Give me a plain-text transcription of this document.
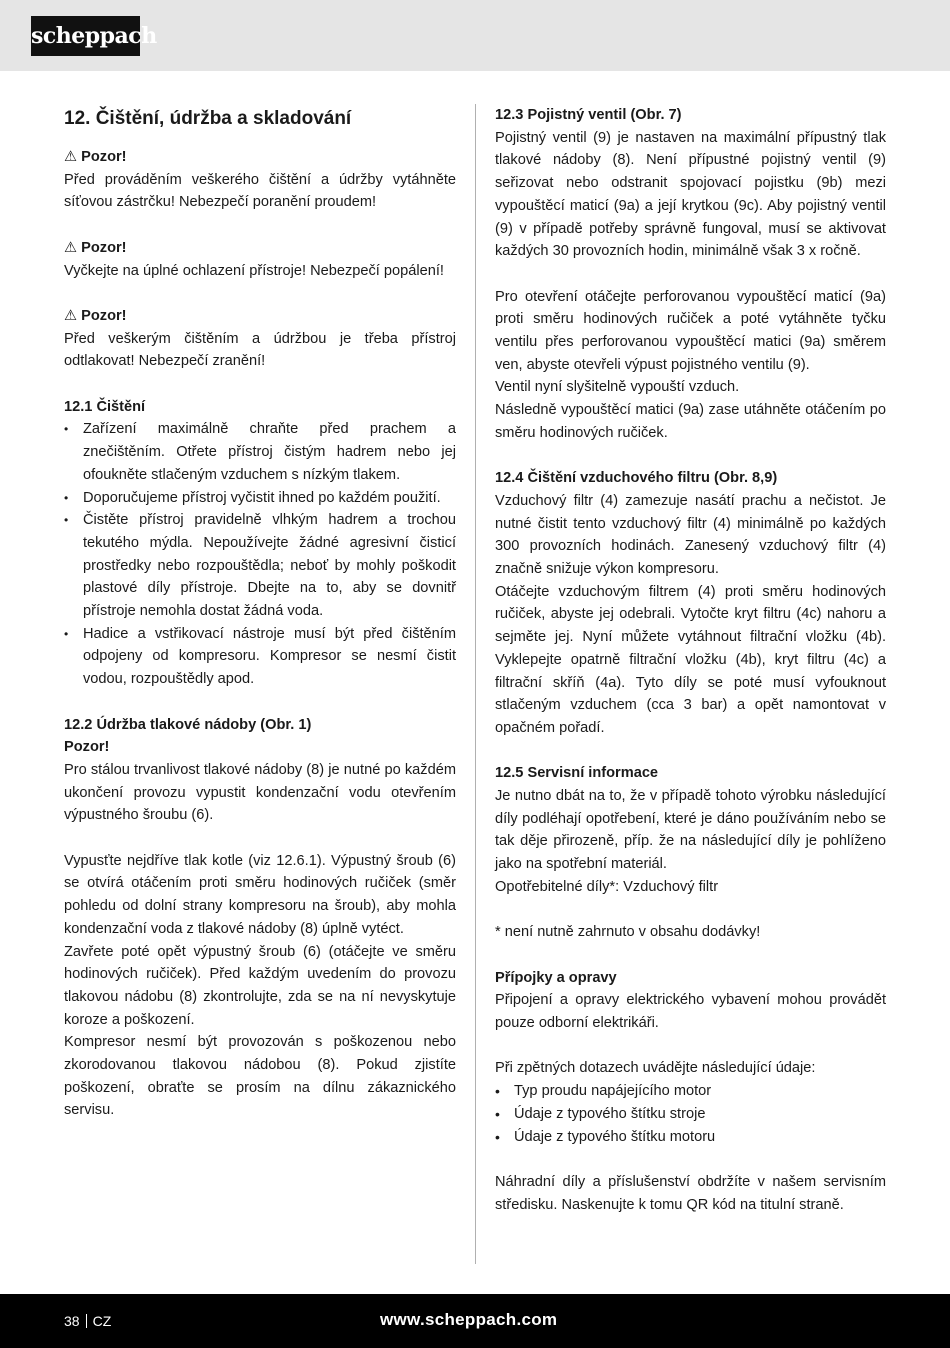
scheppach

12. Čištění, údržba a skladování

⚠ Pozor!

Před prováděním veškerého čištění a údržby vytáhněte síťovou zástrčku! Nebezpečí poranění proudem!

⚠ Pozor!

Vyčkejte na úplné ochlazení přístroje! Nebezpečí popálení!

⚠ Pozor!

Před veškerým čištěním a údržbou je třeba přístroj odtlakovat! Nebezpečí zranění!

12.1 Čištění

• Zařízení maximálně chraňte před prachem a znečištěním. Otřete přístroj čistým hadrem nebo jej ofoukněte stlačeným vzduchem s nízkým tlakem.
• Doporučujeme přístroj vyčistit ihned po každém použití.
• Čistěte přístroj pravidelně vlhkým hadrem a trochou tekutého mýdla. Nepoužívejte žádné agresivní čisticí prostředky nebo rozpouštědla; neboť by mohly poškodit plastové díly přístroje. Dbejte na to, aby se dovnitř přístroje nemohla dostat žádná voda.
• Hadice a vstřikovací nástroje musí být před čištěním odpojeny od kompresoru. Kompresor se nesmí čistit vodou, rozpouštědly apod.

12.2 Údržba tlakové nádoby (Obr. 1)

Pozor!

Pro stálou trvanlivost tlakové nádoby (8) je nutné po každém ukončení provozu vypustit kondenzační vodu otevřením výpustného šroubu (6).

Vypusťte nejdříve tlak kotle (viz 12.6.1). Výpustný šroub (6) se otvírá otáčením proti směru hodinových ručiček (směr pohledu od dolní strany kompresoru na šroub), aby mohla kondenzační voda z tlakové nádoby (8) úplně vytéct.

Zavřete poté opět výpustný šroub (6) (otáčejte ve směru hodinových ručiček). Před každým uvedením do provozu tlakovou nádobu (8) zkontrolujte, zda se na ní nevyskytuje koroze a poškození.

Kompresor nesmí být provozován s poškozenou nebo zkorodovanou tlakovou nádobou (8). Pokud zjistíte poškození, obraťte se prosím na dílnu zákaznického servisu.

12.3 Pojistný ventil (Obr. 7)

Pojistný ventil (9) je nastaven na maximální přípustný tlak tlakové nádoby (8). Není přípustné pojistný ventil (9) seřizovat nebo odstranit spojovací pojistku (9b) mezi vypouštěcí maticí (9a) a její krytkou (9c). Aby pojistný ventil (9) v případě potřeby správně fungoval, musí se aktivovat každých 30 provozních hodin, minimálně však 3 x ročně.

Pro otevření otáčejte perforovanou vypouštěcí maticí (9a) proti směru hodinových ručiček a poté vytáhněte tyčku ventilu přes perforovanou vypouštěcí matici (9a) směrem ven, abyste otevřeli výpust pojistného ventilu (9).

Ventil nyní slyšitelně vypouští vzduch.

Následně vypouštěcí matici (9a) zase utáhněte otáčením po směru hodinových ručiček.

12.4 Čištění vzduchového filtru (Obr. 8,9)

Vzduchový filtr (4) zamezuje nasátí prachu a nečistot. Je nutné čistit tento vzduchový filtr (4) minimálně po každých 300 provozních hodinách. Zanesený vzduchový filtr (4) značně snižuje výkon kompresoru.

Otáčejte vzduchovým filtrem (4) proti směru hodinových ručiček, abyste jej odebrali. Vytočte kryt filtru (4c) nahoru a sejměte jej. Nyní můžete vytáhnout filtrační vložku (4b). Vyklepejte opatrně filtrační vložku (4b), kryt filtru (4c) a filtrační skříň (4a). Tyto díly se poté musí vyfouknout stlačeným vzduchem (cca 3 bar) a opět namontovat v opačném pořadí.

12.5 Servisní informace

Je nutno dbát na to, že v případě tohoto výrobku následující díly podléhají opotřebení, které je dáno používáním nebo se tak děje přirozeně, příp. že na následující díly je pohlíženo jako na spotřební materiál.

Opotřebitelné díly*: Vzduchový filtr

* není nutně zahrnuto v obsahu dodávky!

Přípojky a opravy

Připojení a opravy elektrického vybavení mohou provádět pouze odborní elektrikáři.

Při zpětných dotazech uvádějte následující údaje:

• Typ proudu napájejícího motor
• Údaje z typového štítku stroje
• Údaje z typového štítku motoru

Náhradní díly a příslušenství obdržíte v našem servisním středisku. Naskenujte k tomu QR kód na titulní straně.

38 CZ	www.scheppach.com
